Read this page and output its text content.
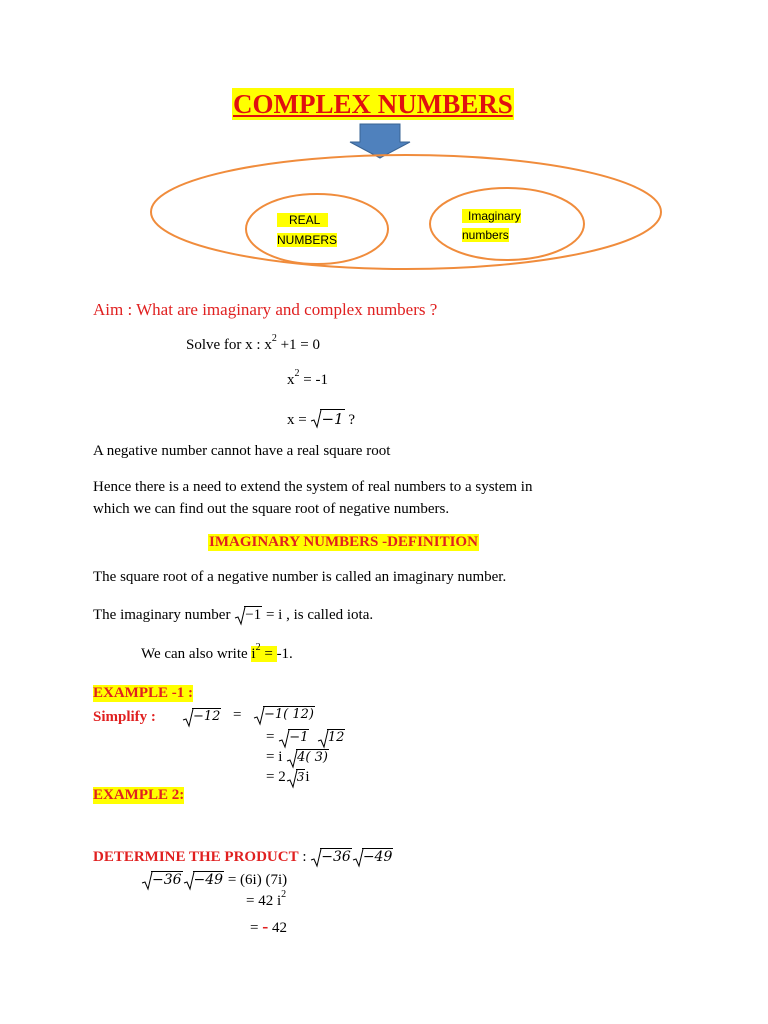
COMPLEX NUMBERS
REAL
NUMBERS
Imaginary
numbers
Aim : What are imaginary and complex numbers ?
Solve for x : $x^2 +1 = 0$
$x^2 = -1$
x =
−1 ?
A negative number cannot have a real square root
Hence there is a need to extend the system of real numbers to a system in
which we can find out the square root of negative numbers.
IMAGINARY NUMBERS -DEFINITION
The square root of a negative number is called an imaginary number.
The imaginary number
−1 = i , is called iota.
We can also write $i^2 = -1$.
EXAMPLE -1 :
Simplify :	−12 =	−1( 12)
= −1 12
= i 4( 3)
= 2 3i
EXAMPLE 2:
DETERMINE THE PRODUCT :
−36 −49
−36 −49 = (6i) (7i)
= 42 $i^2$
= - 42
